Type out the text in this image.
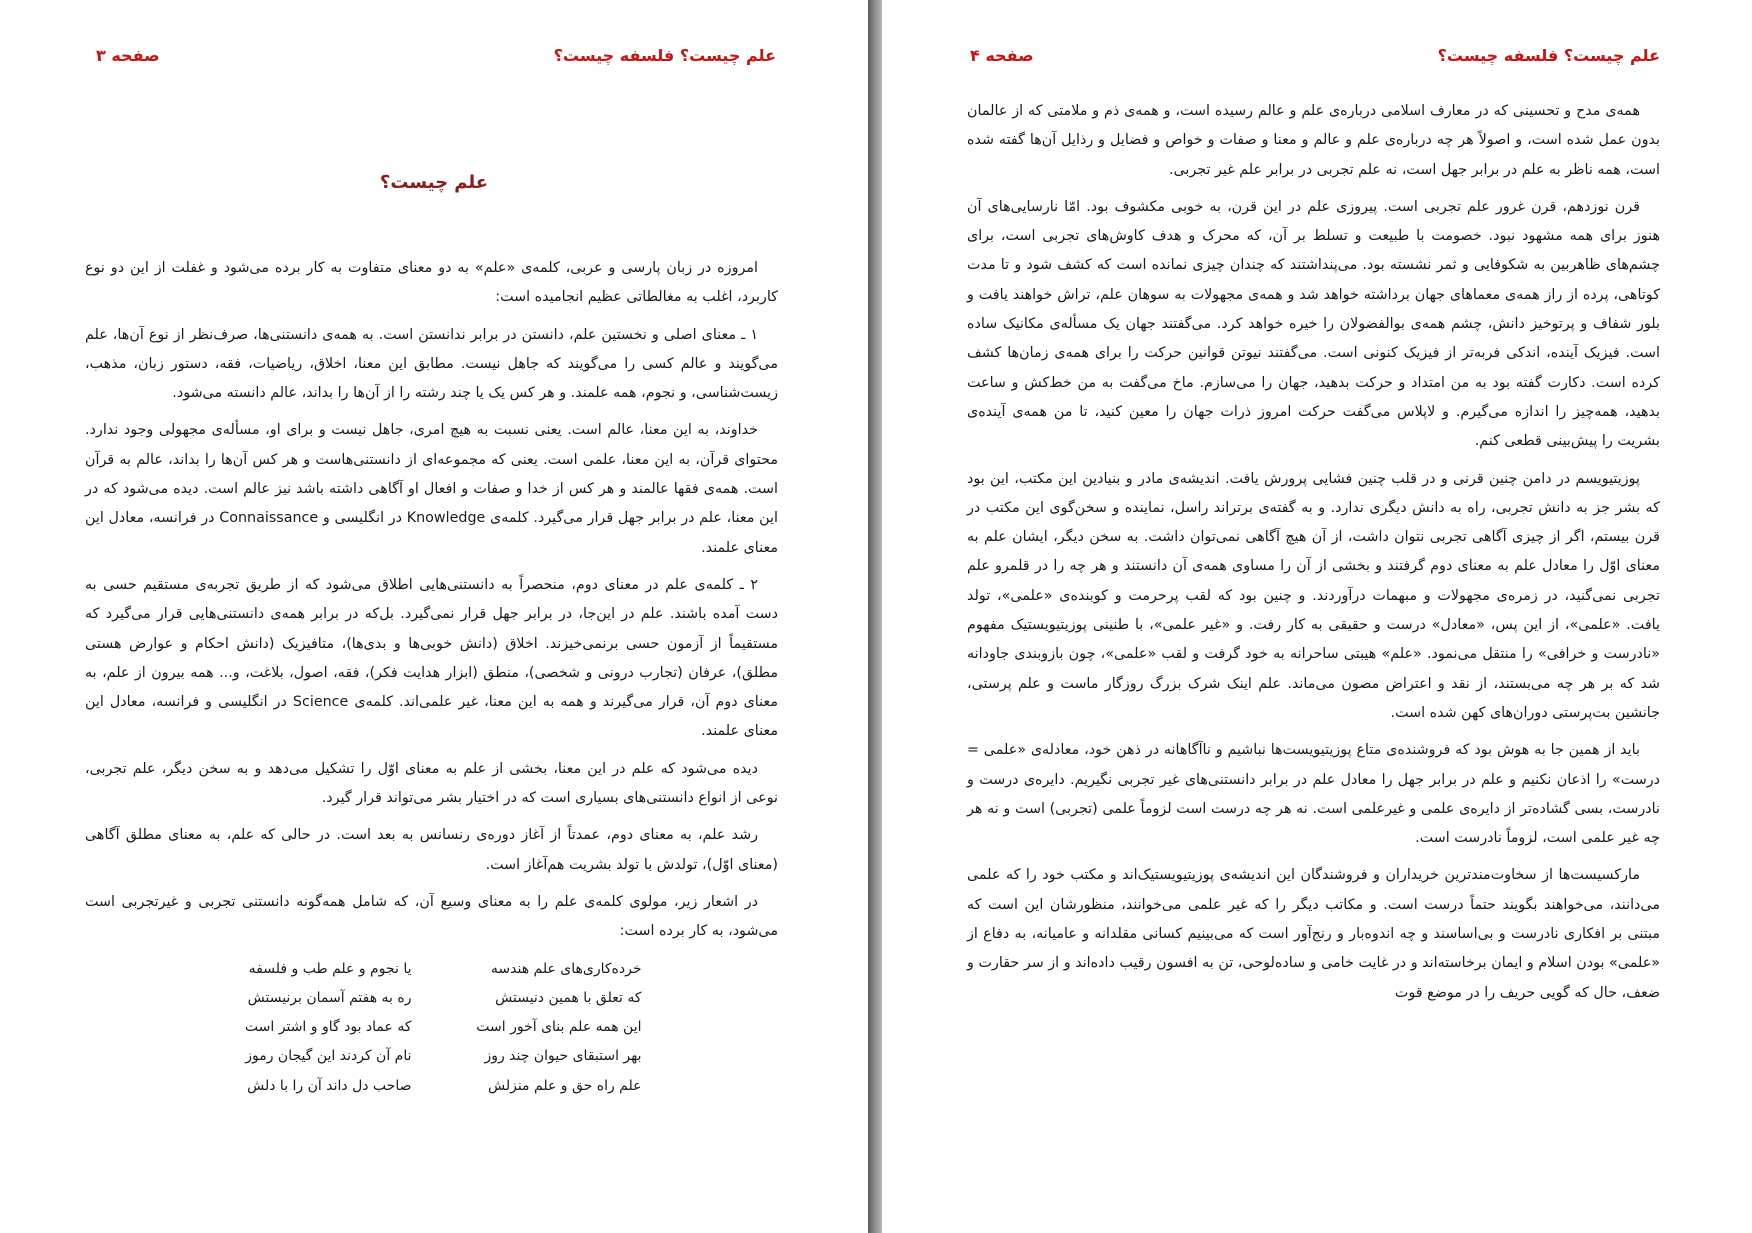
علم چیست؟ فلسفه چیست؟
صفحه ۳
علم چیست؟

امروزه در زبان پارسی و عربی، کلمه‌ی «علم» به دو معنای متفاوت به کار برده می‌شود و غفلت از این دو نوع کاربرد، اغلب به مغالطاتی عظیم انجامیده است:

۱ ـ معنای اصلی و نخستین علم، دانستن در برابر ندانستن است. به همه‌ی دانستنی‌ها، صرف‌نظر از نوع آن‌ها، علم می‌گویند و عالم کسی را می‌گویند که جاهل نیست. مطابق این معنا، اخلاق، ریاضیات، فقه، دستور زبان، مذهب، زیست‌شناسی، و نجوم، همه علمند. و هر کس یک یا چند رشته را از آن‌ها را بداند، عالم دانسته می‌شود.

خداوند، به این معنا، عالم است. یعنی نسبت به هیچ امری، جاهل نیست و برای او، مسأله‌ی مجهولی وجود ندارد. محتوای قرآن، به این معنا، علمی است. یعنی که مجموعه‌ای از دانستنی‌هاست و هر کس آن‌ها را بداند، عالم به قرآن است. همه‌ی فقها عالمند و هر کس از خدا و صفات و افعال او آگاهی داشته باشد نیز عالم است. دیده می‌شود که در این معنا، علم در برابر جهل قرار می‌گیرد. کلمه‌ی Knowledge در انگلیسی و Connaissance در فرانسه، معادل این معنای علمند.

۲ ـ کلمه‌ی علم در معنای دوم، منحصراً به دانستنی‌هایی اطلاق می‌شود که از طریق تجربه‌ی مستقیم حسی به دست آمده باشند. علم در این‌جا، در برابر جهل قرار نمی‌گیرد. بل‌که در برابر همه‌ی دانستنی‌هایی قرار می‌گیرد که مستقیماً از آزمون حسی برنمی‌خیزند. اخلاق (دانش خوبی‌ها و بدی‌ها)، متافیزیک (دانش احکام و عوارض هستی مطلق)، عرفان (تجارب درونی و شخصی)، منطق (ابزار هدایت فکر)، فقه، اصول، بلاغت، و... همه بیرون از علم، به معنای دوم آن، قرار می‌گیرند و همه به این معنا، غیر علمی‌اند. کلمه‌ی Science در انگلیسی و فرانسه، معادل این معنای علمند.

دیده می‌شود که علم در این معنا، بخشی از علم به معنای اوّل را تشکیل می‌دهد و به سخن دیگر، علم تجربی، نوعی از انواع دانستنی‌های بسیاری است که در اختیار بشر می‌تواند قرار گیرد.

رشد علم، به معنای دوم، عمدتاً از آغاز دوره‌ی رنسانس به بعد است. در حالی که علم، به معنای مطلق آگاهی (معنای اوّل)، تولدش با تولد بشریت هم‌آغاز است.

در اشعار زیر، مولوی کلمه‌ی علم را به معنای وسیع آن، که شامل همه‌گونه دانستنی تجربی و غیرتجربی است می‌شود، به کار برده است:

خرده‌کاری‌های علم هندسه
یا نجوم و علم طب و فلسفه
که تعلق با همین دنیستش
ره به هفتم آسمان برنیستش
این همه علم بنای آخور است
که عماد بود گاو و اشتر است
بهر استبقای حیوان چند روز
نام آن کردند این گیجان رموز
علم راه حق و علم منزلش
صاحب دل داند آن را با دلش
علم چیست؟ فلسفه چیست؟
صفحه ۴

همه‌ی مدح و تحسینی که در معارف اسلامی درباره‌ی علم و عالم رسیده است، و همه‌ی ذم و ملامتی که از عالمان بدون عمل شده است، و اصولاً هر چه درباره‌ی علم و عالم و معنا و صفات و خواص و فضایل و رذایل آن‌ها گفته شده است، همه ناظر به علم در برابر جهل است، نه علم تجربی در برابر علم غیر تجربی.

قرن نوزدهم، قرن غرور علم تجربی است. پیروزی علم در این قرن، به خوبی مکشوف بود. امّا نارسایی‌های آن هنوز برای همه مشهود نبود. خصومت با طبیعت و تسلط بر آن، که محرک و هدف کاوش‌های تجربی است، برای چشم‌های ظاهربین به شکوفایی و ثمر نشسته بود. می‌پنداشتند که چندان چیزی نمانده است که کشف شود و تا مدت کوتاهی، پرده از راز همه‌ی معماهای جهان برداشته خواهد شد و همه‌ی مجهولات به سوهان علم، تراش خواهند یافت و بلور شفاف و پرتوخیز دانش، چشم همه‌ی بوالفضولان را خیره خواهد کرد. می‌گفتند جهان یک مسأله‌ی مکانیک ساده است. فیزیک آینده، اندکی فربه‌تر از فیزیک کنونی است. می‌گفتند نیوتن قوانین حرکت را برای همه‌ی زمان‌ها کشف کرده است. دکارت گفته بود به من امتداد و حرکت بدهید، جهان را می‌سازم. ماخ می‌گفت به من خط‌کش و ساعت بدهید، همه‌چیز را اندازه می‌گیرم. و لاپلاس می‌گفت حرکت امروز ذرات جهان را معین کنید، تا من همه‌ی آینده‌ی بشریت را پیش‌بینی قطعی کنم.

پوزیتیویسم در دامن چنین قرنی و در قلب چنین فشایی پرورش یافت. اندیشه‌ی مادر و بنیادین این مکتب، این بود که بشر جز به دانش تجربی، راه به دانش دیگری ندارد. و به گفته‌ی برتراند راسل، نماینده و سخن‌گوی این مکتب در قرن بیستم، اگر از چیزی آگاهی تجربی نتوان داشت، از آن هیچ آگاهی نمی‌توان داشت. به سخن دیگر، ایشان علم به معنای اوّل را معادل علم به معنای دوم گرفتند و بخشی از آن را مساوی همه‌ی آن دانستند و هر چه را در قلمرو علم تجربی نمی‌گنید، در زمره‌ی مجهولات و مبهمات درآوردند. و چنین بود که لقب پرحرمت و کوبنده‌ی «علمی»، تولد یافت. «علمی»، از این پس، «معادل» درست و حقیقی به کار رفت. و «غیر علمی»، با طنینی پوزیتیویستیک مفهوم «نادرست و خرافی» را منتقل می‌نمود. «علم» هیبتی ساحرانه به خود گرفت و لقب «علمی»، چون بازوبندی جاودانه شد که بر هر چه می‌بستند، از نقد و اعتراض مصون می‌ماند. علم اینک شرک بزرگ روزگار ماست و علم پرستی، جانشین بت‌پرستی دوران‌های کهن شده است.

باید از همین جا به هوش بود که فروشنده‌ی متاع پوزیتیویست‌ها نباشیم و ناآگاهانه در ذهن خود، معادله‌ی «علمی = درست» را اذعان نکنیم و علم در برابر جهل را معادل علم در برابر دانستنی‌های غیر تجربی نگیریم. دایره‌ی درست و نادرست، بسی گشاده‌تر از دایره‌ی علمی و غیرعلمی است. نه هر چه درست است لزوماً علمی (تجربی) است و نه هر چه غیر علمی است، لزوماً نادرست است.

مارکسیست‌ها از سخاوت‌مندترین خریداران و فروشندگان این اندیشه‌ی پوزیتیویستیک‌اند و مکتب خود را که علمی می‌دانند، می‌خواهند بگویند حتماً درست است. و مکاتب دیگر را که غیر علمی می‌خوانند، منظورشان این است که مبتنی بر افکاری نادرست و بی‌اساسند و چه اندوه‌بار و رنج‌آور است که می‌بینیم کسانی مقلدانه و عامیانه، به دفاع از «علمی» بودن اسلام و ایمان برخاسته‌اند و در غایت خامی و ساده‌لوحی، تن به افسون رقیب داده‌اند و از سر حقارت و ضعف، حال که گویی حریف را در موضع قوت
